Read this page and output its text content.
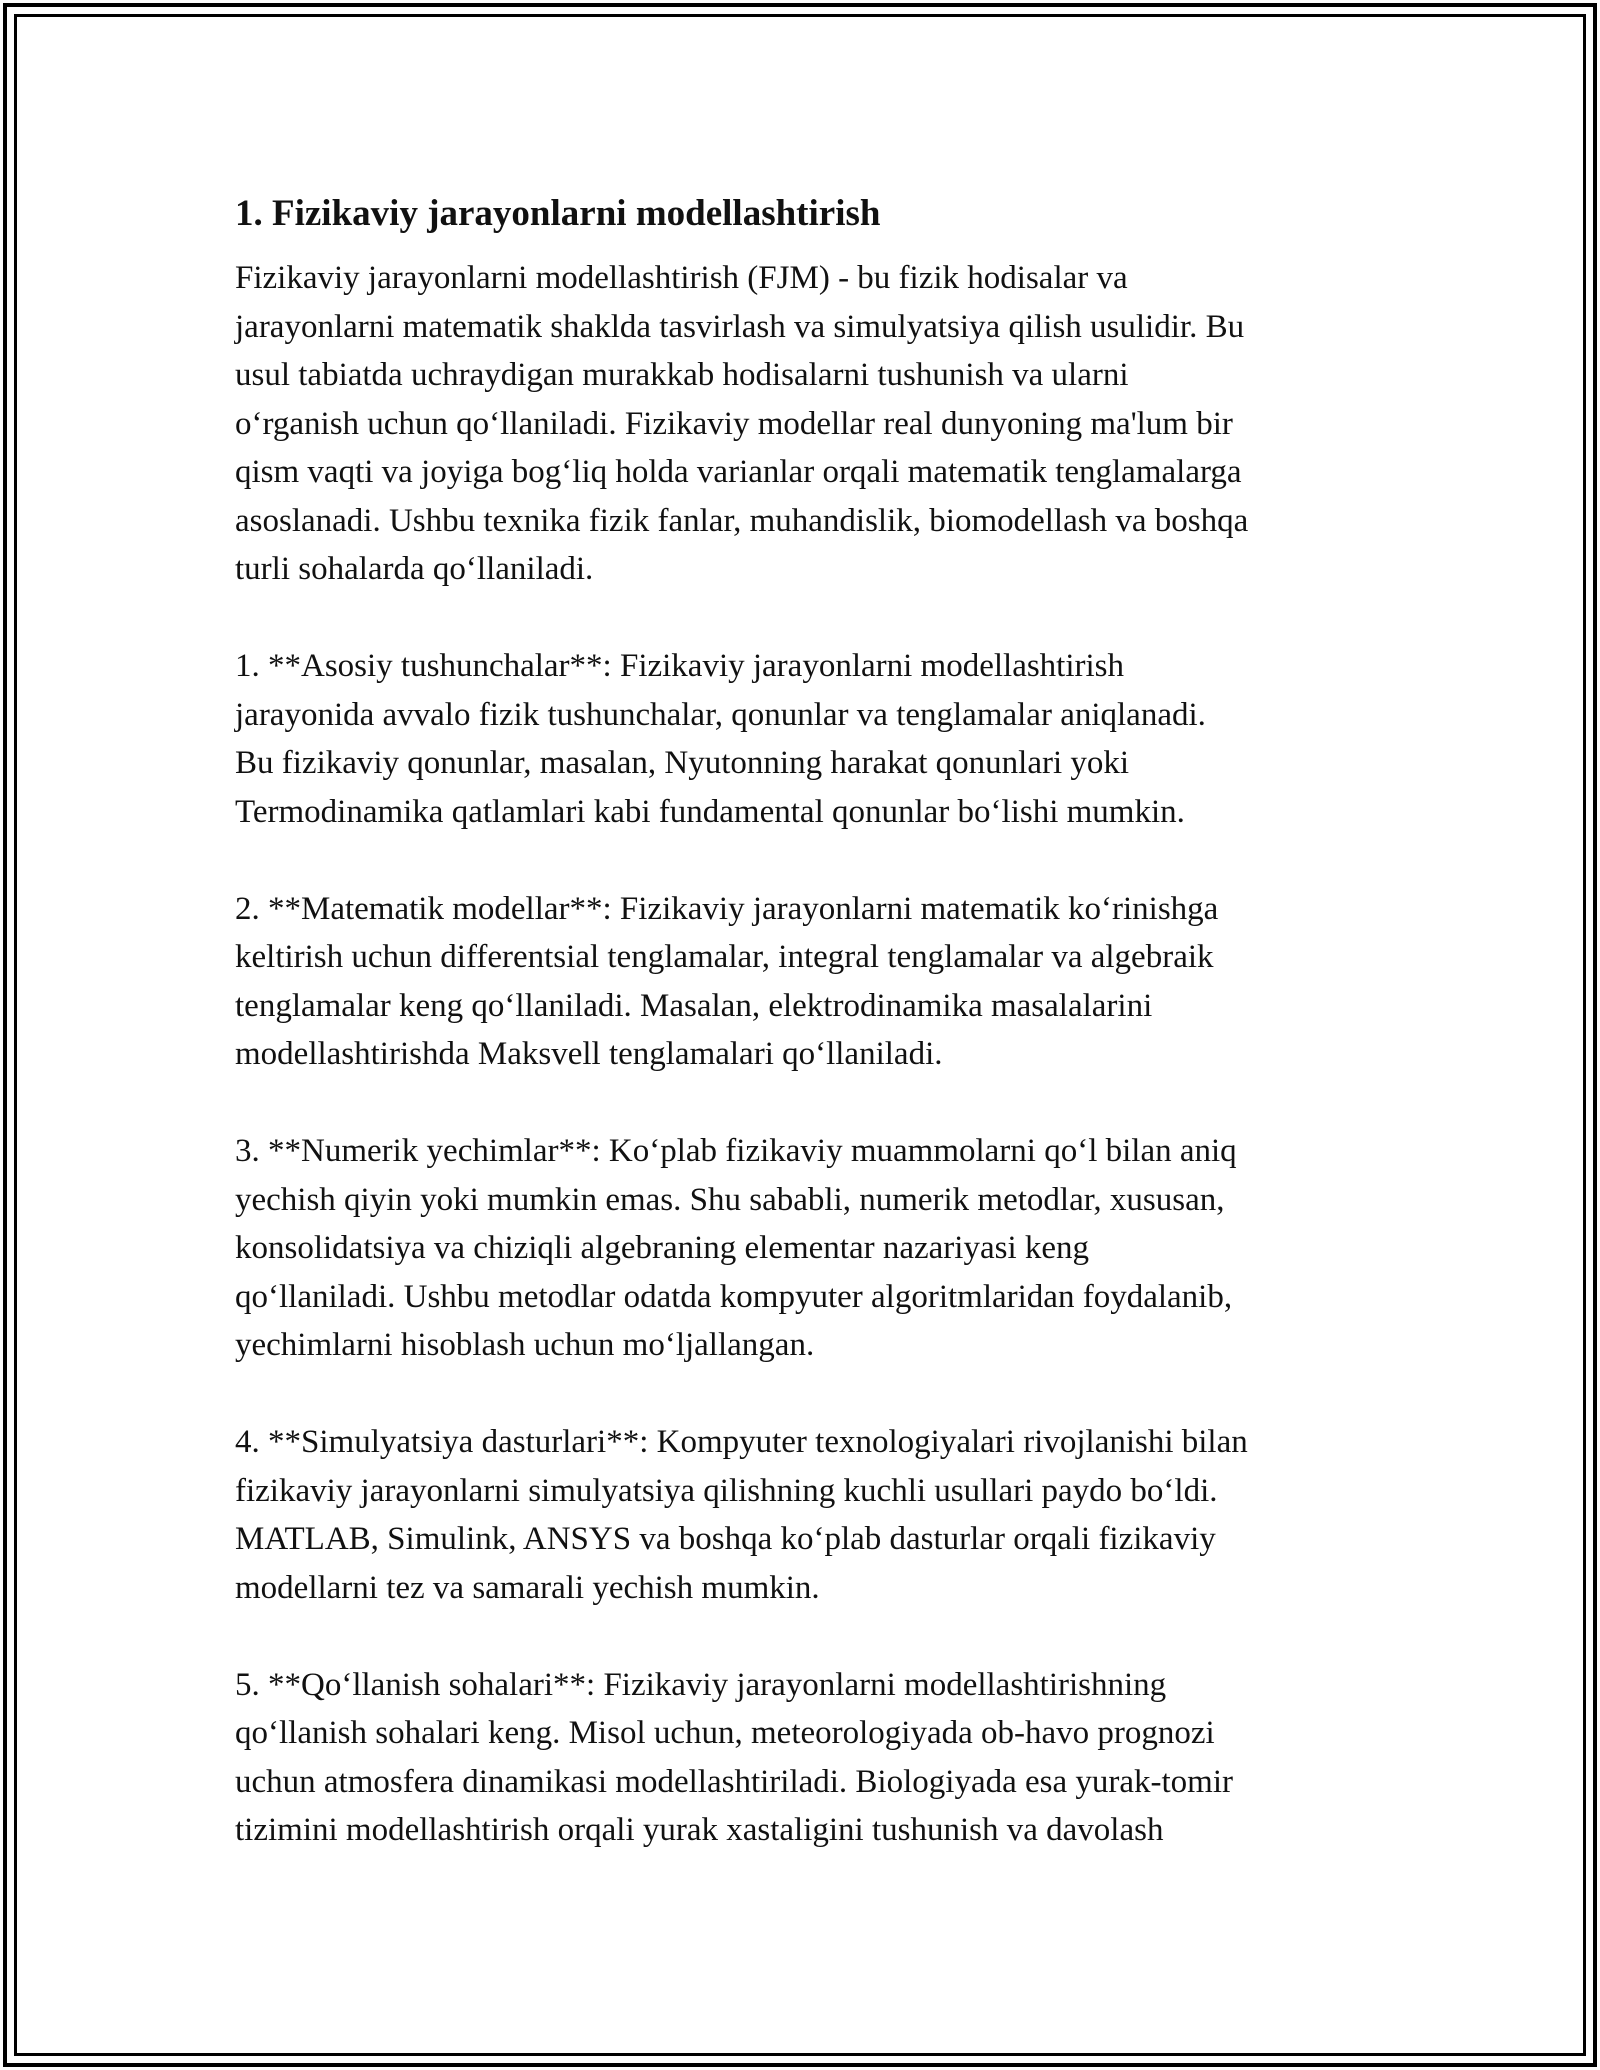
1. Fizikaviy jarayonlarni modellashtirish

Fizikaviy jarayonlarni modellashtirish (FJM) - bu fizik hodisalar va
jarayonlarni matematik shaklda tasvirlash va simulyatsiya qilish usulidir. Bu
usul tabiatda uchraydigan murakkab hodisalarni tushunish va ularni
o‘rganish uchun qo‘llaniladi. Fizikaviy modellar real dunyoning ma'lum bir
qism vaqti va joyiga bog‘liq holda varianlar orqali matematik tenglamalarga
asoslanadi. Ushbu texnika fizik fanlar, muhandislik, biomodellash va boshqa
turli sohalarda qo‘llaniladi.

1. **Asosiy tushunchalar**: Fizikaviy jarayonlarni modellashtirish
jarayonida avvalo fizik tushunchalar, qonunlar va tenglamalar aniqlanadi.
Bu fizikaviy qonunlar, masalan, Nyutonning harakat qonunlari yoki
Termodinamika qatlamlari kabi fundamental qonunlar bo‘lishi mumkin.

2. **Matematik modellar**: Fizikaviy jarayonlarni matematik ko‘rinishga
keltirish uchun differentsial tenglamalar, integral tenglamalar va algebraik
tenglamalar keng qo‘llaniladi. Masalan, elektrodinamika masalalarini
modellashtirishda Maksvell tenglamalari qo‘llaniladi.

3. **Numerik yechimlar**: Ko‘plab fizikaviy muammolarni qo‘l bilan aniq
yechish qiyin yoki mumkin emas. Shu sababli, numerik metodlar, xususan,
konsolidatsiya va chiziqli algebraning elementar nazariyasi keng
qo‘llaniladi. Ushbu metodlar odatda kompyuter algoritmlaridan foydalanib,
yechimlarni hisoblash uchun mo‘ljallangan.

4. **Simulyatsiya dasturlari**: Kompyuter texnologiyalari rivojlanishi bilan
fizikaviy jarayonlarni simulyatsiya qilishning kuchli usullari paydo bo‘ldi.
MATLAB, Simulink, ANSYS va boshqa ko‘plab dasturlar orqali fizikaviy
modellarni tez va samarali yechish mumkin.

5. **Qo‘llanish sohalari**: Fizikaviy jarayonlarni modellashtirishning
qo‘llanish sohalari keng. Misol uchun, meteorologiyada ob-havo prognozi
uchun atmosfera dinamikasi modellashtiriladi. Biologiyada esa yurak-tomir
tizimini modellashtirish orqali yurak xastaligini tushunish va davolash
